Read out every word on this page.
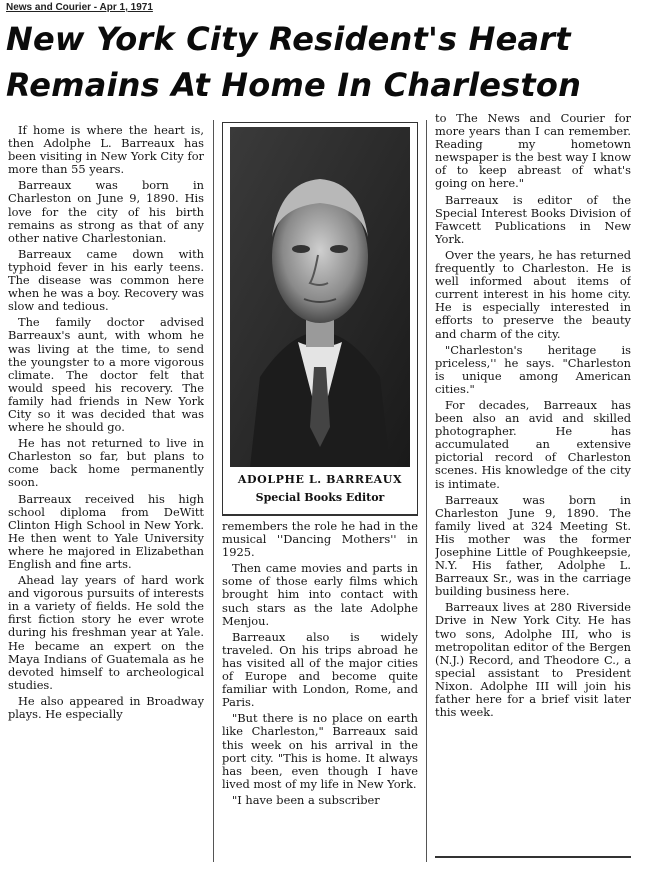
News and Courier - Apr 1, 1971
New York City Resident's Heart
Remains At Home In Charleston

If home is where the heart is, then Adolphe L. Barreaux has been visiting in New York City for more than 55 years.

Barreaux was born in Charleston on June 9, 1890. His love for the city of his birth remains as strong as that of any other native Charlestonian.

Barreaux came down with typhoid fever in his early teens. The disease was common here when he was a boy. Recovery was slow and tedious.

The family doctor advised Barreaux's aunt, with whom he was living at the time, to send the youngster to a more vigorous climate. The doctor felt that would speed his recovery. The family had friends in New York City so it was decided that was where he should go.

He has not returned to live in Charleston so far, but plans to come back home permanently soon.

Barreaux received his high school diploma from DeWitt Clinton High School in New York. He then went to Yale University where he majored in Elizabethan English and fine arts.

Ahead lay years of hard work and vigorous pursuits of interests in a variety of fields. He sold the first fiction story he ever wrote during his freshman year at Yale. He became an expert on the Maya Indians of Guatemala as he devoted himself to archeological studies.

He also appeared in Broadway plays. He especially

ADOLPHE L. BARREAUX
Special Books Editor

remembers the role he had in the musical ''Dancing Mothers'' in 1925.

Then came movies and parts in some of those early films which brought him into contact with such stars as the late Adolphe Menjou.

Barreaux also is widely traveled. On his trips abroad he has visited all of the major cities of Europe and become quite familiar with London, Rome, and Paris.

"But there is no place on earth like Charleston," Barreaux said this week on his arrival in the port city. "This is home. It always has been, even though I have lived most of my life in New York.

"I have been a subscriber

to The News and Courier for more years than I can remember. Reading my hometown newspaper is the best way I know of to keep abreast of what's going on here."

Barreaux is editor of the Special Interest Books Division of Fawcett Publications in New York.

Over the years, he has returned frequently to Charleston. He is well informed about items of current interest in his home city. He is especially interested in efforts to preserve the beauty and charm of the city.

"Charleston's heritage is priceless,'' he says. "Charleston is unique among American cities."

For decades, Barreaux has been also an avid and skilled photographer. He has accumulated an extensive pictorial record of Charleston scenes. His knowledge of the city is intimate.

Barreaux was born in Charleston June 9, 1890. The family lived at 324 Meeting St. His mother was the former Josephine Little of Poughkeepsie, N.Y. His father, Adolphe L. Barreaux Sr., was in the carriage building business here.

Barreaux lives at 280 Riverside Drive in New York City. He has two sons, Adolphe III, who is metropolitan editor of the Bergen (N.J.) Record, and Theodore C., a special assistant to President Nixon. Adolphe III will join his father here for a brief visit later this week.
